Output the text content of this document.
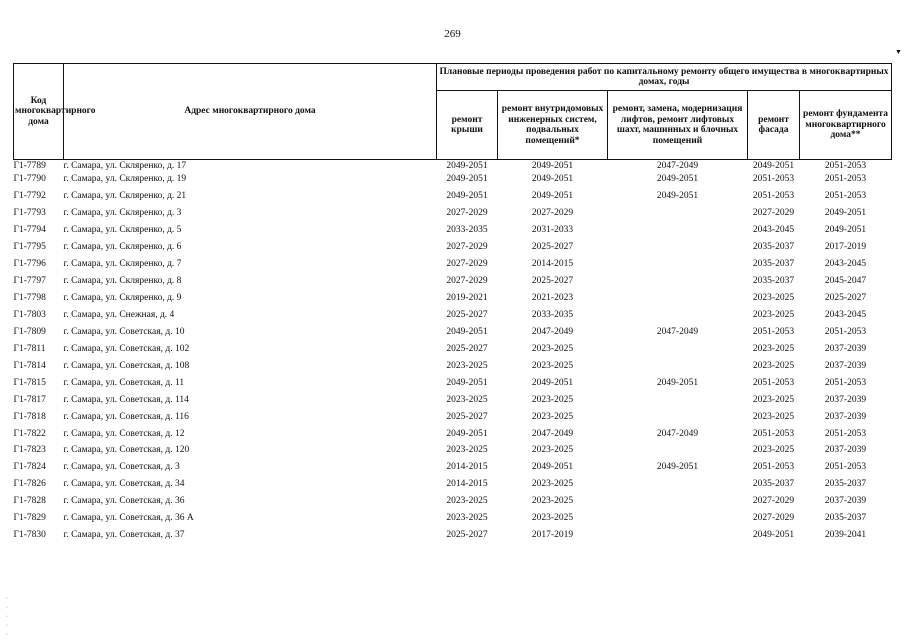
269
▼
Код многоквартирного дома	Адрес многоквартирного дома	Плановые периоды проведения работ по капитальному ремонту общего имущества в многоквартирных домах, годы				
		ремонт крыши	ремонт внутридомовых инженерных систем, подвальных помещений*	ремонт, замена, модернизация лифтов, ремонт лифтовых шахт, машинных и блочных помещений	ремонт фасада	ремонт фундамента многоквартирного дома**
Г1-7789	г. Самара, ул. Скляренко, д. 17	2049-2051	2049-2051	2047-2049	2049-2051	2051-2053
Г1-7790	г. Самара, ул. Скляренко, д. 19	2049-2051	2049-2051	2049-2051	2051-2053	2051-2053
Г1-7792	г. Самара, ул. Скляренко, д. 21	2049-2051	2049-2051	2049-2051	2051-2053	2051-2053
Г1-7793	г. Самара, ул. Скляренко, д. 3	2027-2029	2027-2029		2027-2029	2049-2051
Г1-7794	г. Самара, ул. Скляренко, д. 5	2033-2035	2031-2033		2043-2045	2049-2051
Г1-7795	г. Самара, ул. Скляренко, д. 6	2027-2029	2025-2027		2035-2037	2017-2019
Г1-7796	г. Самара, ул. Скляренко, д. 7	2027-2029	2014-2015		2035-2037	2043-2045
Г1-7797	г. Самара, ул. Скляренко, д. 8	2027-2029	2025-2027		2035-2037	2045-2047
Г1-7798	г. Самара, ул. Скляренко, д. 9	2019-2021	2021-2023		2023-2025	2025-2027
Г1-7803	г. Самара, ул. Снежная, д. 4	2025-2027	2033-2035		2023-2025	2043-2045
Г1-7809	г. Самара, ул. Советская, д. 10	2049-2051	2047-2049	2047-2049	2051-2053	2051-2053
Г1-7811	г. Самара, ул. Советская, д. 102	2025-2027	2023-2025		2023-2025	2037-2039
Г1-7814	г. Самара, ул. Советская, д. 108	2023-2025	2023-2025		2023-2025	2037-2039
Г1-7815	г. Самара, ул. Советская, д. 11	2049-2051	2049-2051	2049-2051	2051-2053	2051-2053
Г1-7817	г. Самара, ул. Советская, д. 114	2023-2025	2023-2025		2023-2025	2037-2039
Г1-7818	г. Самара, ул. Советская, д. 116	2025-2027	2023-2025		2023-2025	2037-2039
Г1-7822	г. Самара, ул. Советская, д. 12	2049-2051	2047-2049	2047-2049	2051-2053	2051-2053
Г1-7823	г. Самара, ул. Советская, д. 120	2023-2025	2023-2025		2023-2025	2037-2039
Г1-7824	г. Самара, ул. Советская, д. 3	2014-2015	2049-2051	2049-2051	2051-2053	2051-2053
Г1-7826	г. Самара, ул. Советская, д. 34	2014-2015	2023-2025		2035-2037	2035-2037
Г1-7828	г. Самара, ул. Советская, д. 36	2023-2025	2023-2025		2027-2029	2037-2039
Г1-7829	г. Самара, ул. Советская, д. 36 А	2023-2025	2023-2025		2027-2029	2035-2037
Г1-7830	г. Самара, ул. Советская, д. 37	2025-2027	2017-2019		2049-2051	2039-2041
·
·
·
·
·
